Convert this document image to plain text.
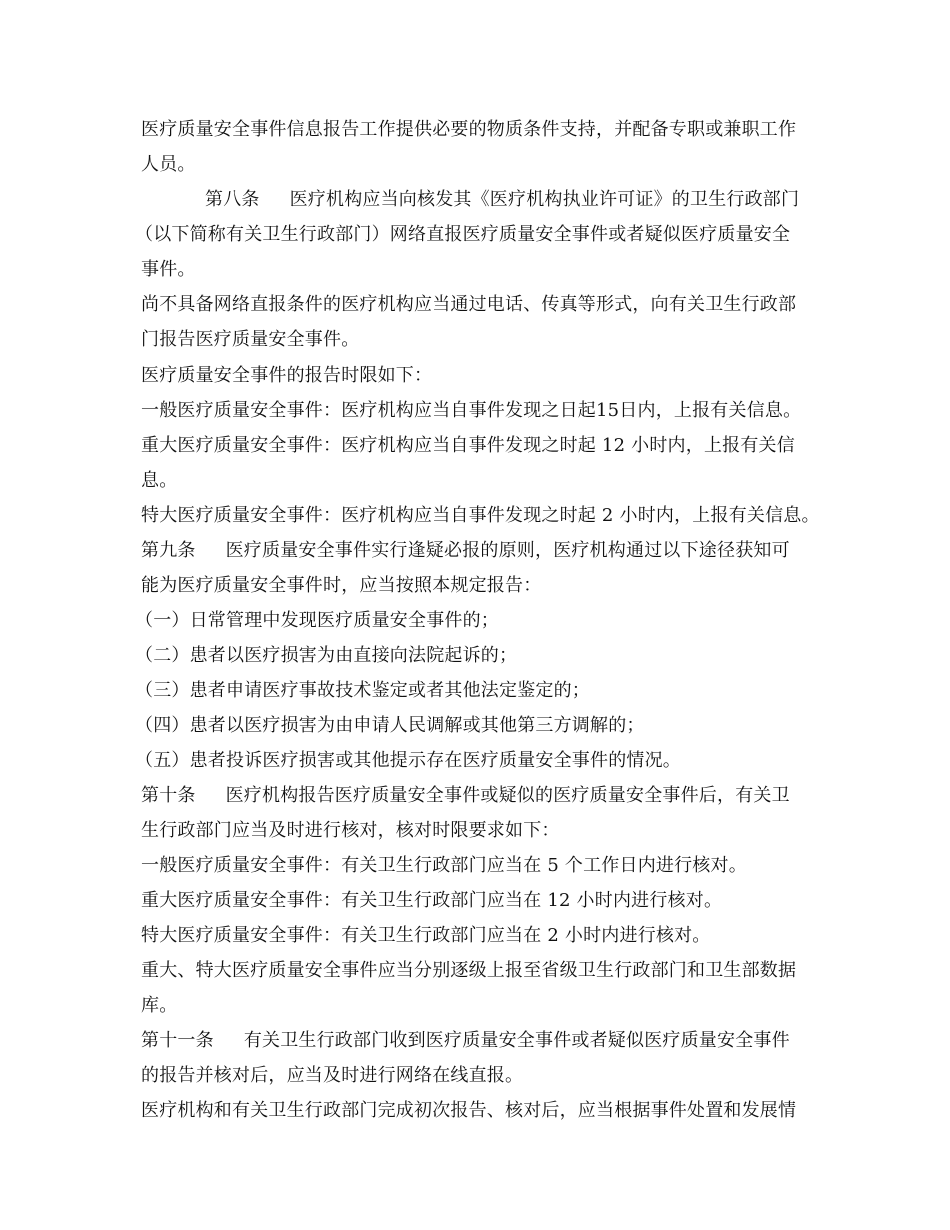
医疗质量安全事件信息报告工作提供必要的物质条件支持，并配备专职或兼职工作
人员。
第八条 医疗机构应当向核发其《医疗机构执业许可证》的卫生行政部门
（以下简称有关卫生行政部门）网络直报医疗质量安全事件或者疑似医疗质量安全
事件。
尚不具备网络直报条件的医疗机构应当通过电话、传真等形式，向有关卫生行政部
门报告医疗质量安全事件。
医疗质量安全事件的报告时限如下：
一般医疗质量安全事件：医疗机构应当自事件发现之日起15日内，上报有关信息。
重大医疗质量安全事件：医疗机构应当自事件发现之时起 12 小时内，上报有关信
息。
特大医疗质量安全事件：医疗机构应当自事件发现之时起 2 小时内，上报有关信息。
第九条 医疗质量安全事件实行逢疑必报的原则，医疗机构通过以下途径获知可
能为医疗质量安全事件时，应当按照本规定报告：
（一）日常管理中发现医疗质量安全事件的；
（二）患者以医疗损害为由直接向法院起诉的；
（三）患者申请医疗事故技术鉴定或者其他法定鉴定的；
（四）患者以医疗损害为由申请人民调解或其他第三方调解的；
（五）患者投诉医疗损害或其他提示存在医疗质量安全事件的情况。
第十条 医疗机构报告医疗质量安全事件或疑似的医疗质量安全事件后，有关卫
生行政部门应当及时进行核对，核对时限要求如下：
一般医疗质量安全事件：有关卫生行政部门应当在 5 个工作日内进行核对。
重大医疗质量安全事件：有关卫生行政部门应当在 12 小时内进行核对。
特大医疗质量安全事件：有关卫生行政部门应当在 2 小时内进行核对。
重大、特大医疗质量安全事件应当分别逐级上报至省级卫生行政部门和卫生部数据
库。
第十一条 有关卫生行政部门收到医疗质量安全事件或者疑似医疗质量安全事件
的报告并核对后，应当及时进行网络在线直报。
医疗机构和有关卫生行政部门完成初次报告、核对后，应当根据事件处置和发展情
